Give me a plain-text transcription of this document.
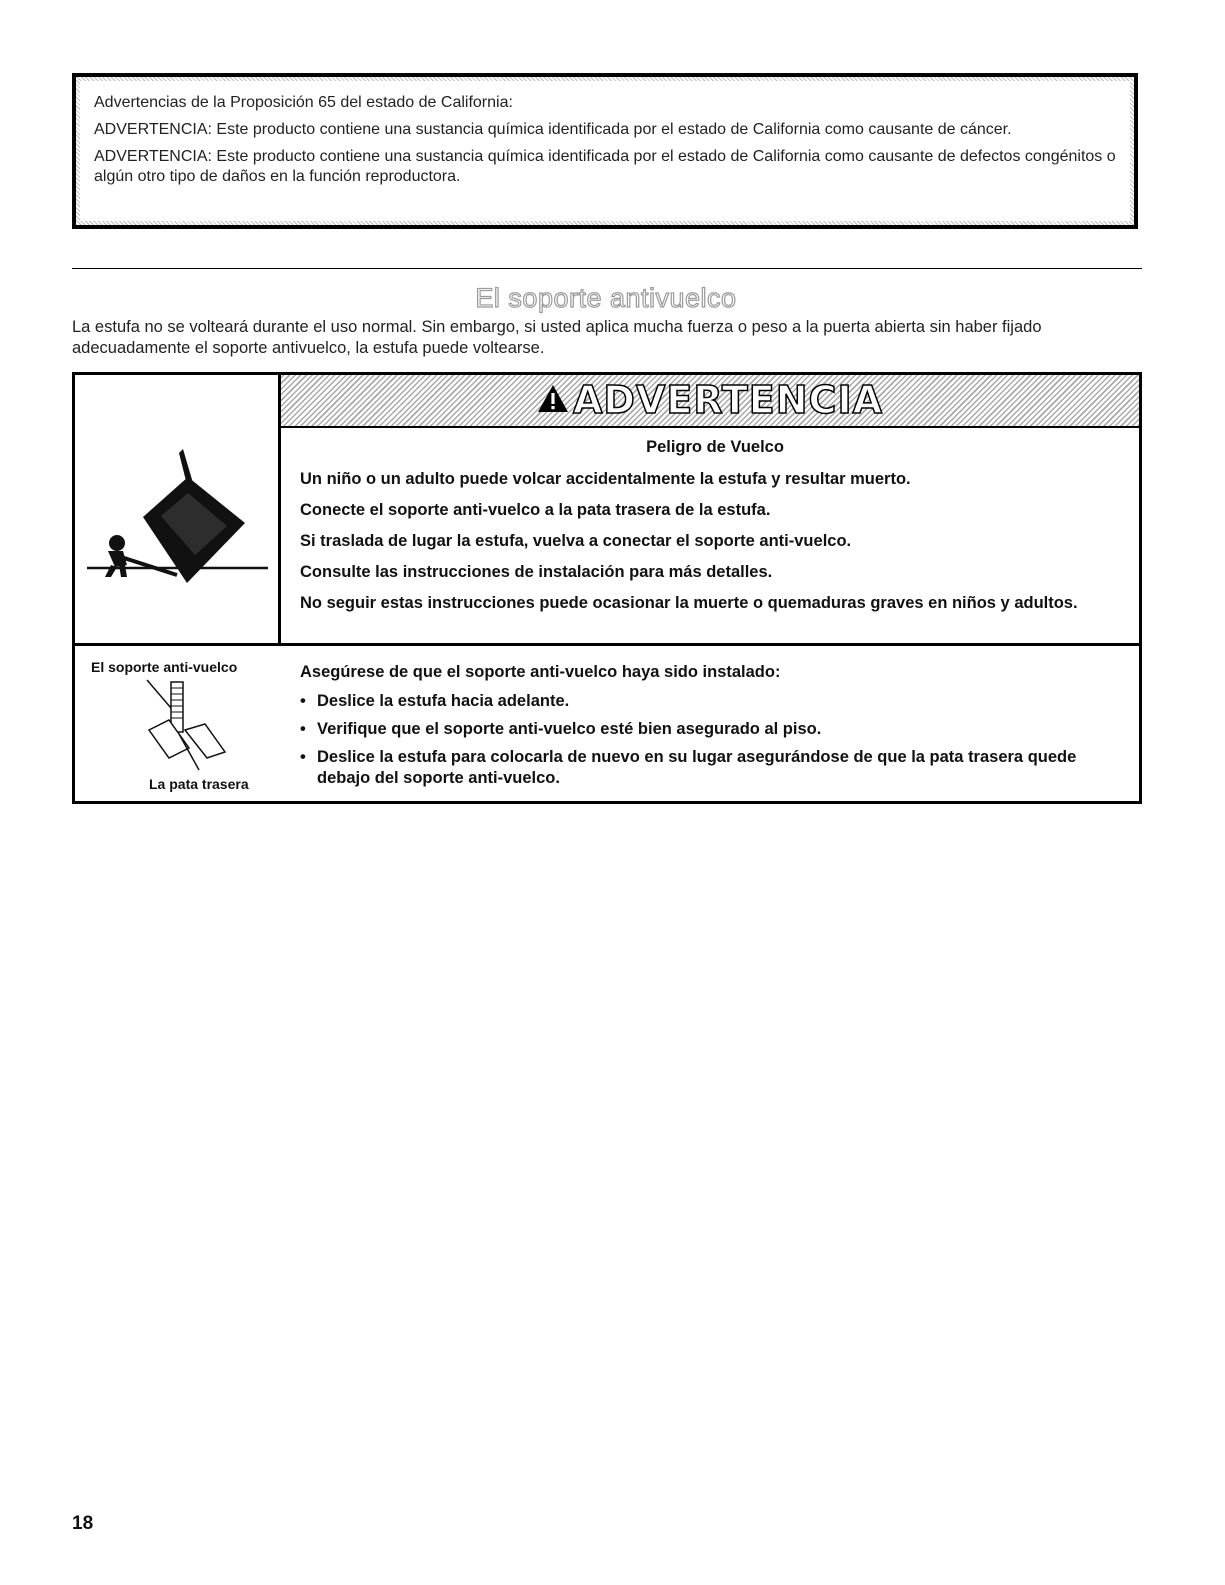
Advertencias de la Proposición 65 del estado de California:

ADVERTENCIA: Este producto contiene una sustancia química identificada por el estado de California como causante de cáncer.

ADVERTENCIA: Este producto contiene una sustancia química identificada por el estado de California como causante de defectos congénitos o algún otro tipo de daños en la función reproductora.

El soporte antivuelco
La estufa no se volteará durante el uso normal. Sin embargo, si usted aplica mucha fuerza o peso a la puerta abierta sin haber fijado adecuadamente el soporte antivuelco, la estufa puede voltearse.
ADVERTENCIA

Peligro de Vuelco

Un niño o un adulto puede volcar accidentalmente la estufa y resultar muerto.

Conecte el soporte anti-vuelco a la pata trasera de la estufa.

Si traslada de lugar la estufa, vuelva a conectar el soporte anti-vuelco.

Consulte las instrucciones de instalación para más detalles.

No seguir estas instrucciones puede ocasionar la muerte o quemaduras graves en niños y adultos.

El soporte anti-vuelco
La pata trasera

Asegúrese de que el soporte anti-vuelco haya sido instalado:

• Deslice la estufa hacia adelante.
• Verifique que el soporte anti-vuelco esté bien asegurado al piso.
• Deslice la estufa para colocarla de nuevo en su lugar asegurándose de que la pata trasera quede debajo del soporte anti-vuelco.
18
